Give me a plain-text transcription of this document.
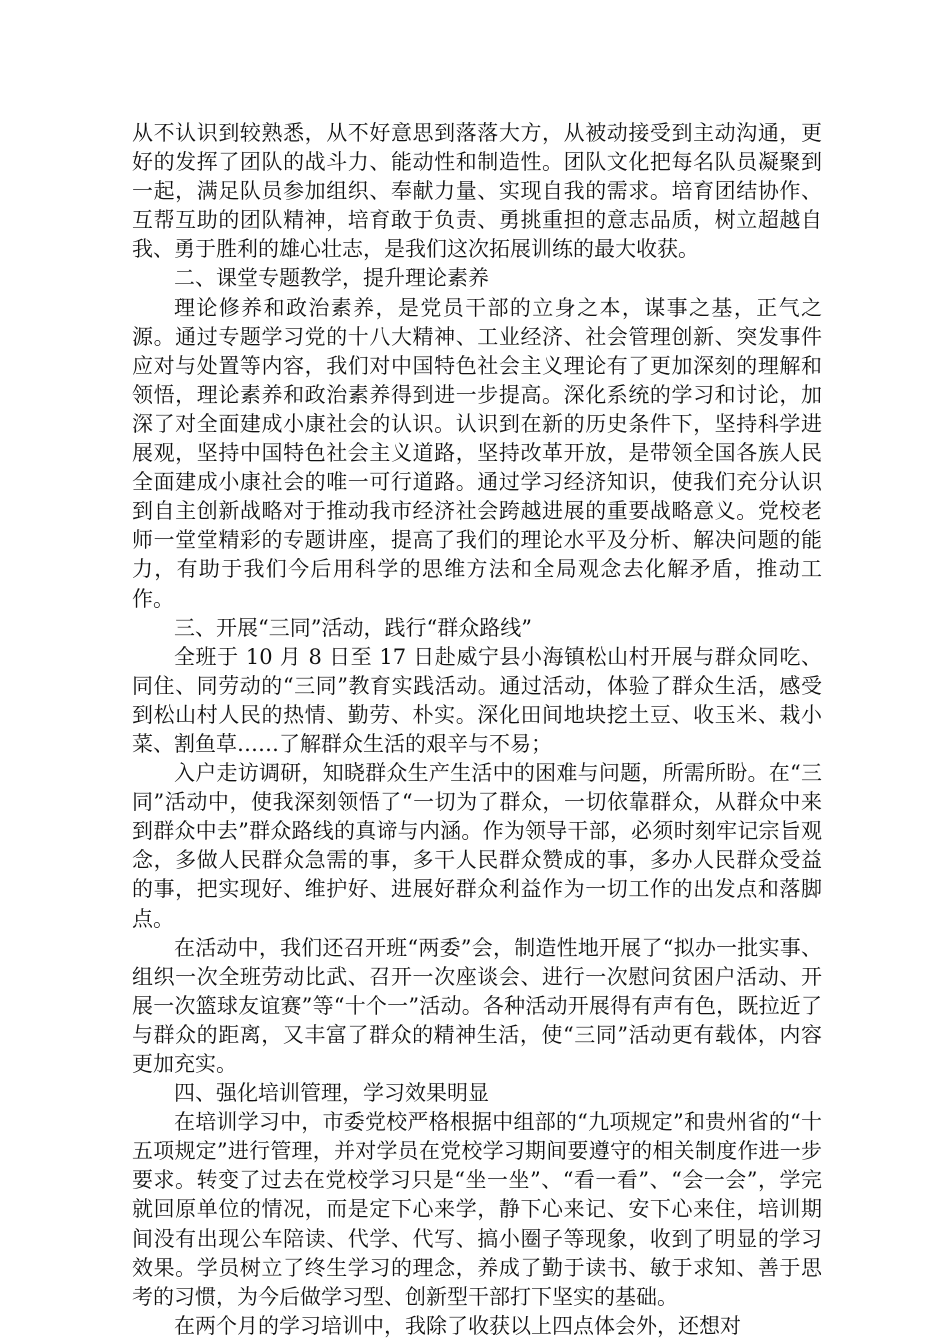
从不认识到较熟悉，从不好意思到落落大方，从被动接受到主动沟通，更好的发挥了团队的战斗力、能动性和制造性。团队文化把每名队员凝聚到一起，满足队员参加组织、奉献力量、实现自我的需求。培育团结协作、互帮互助的团队精神，培育敢于负责、勇挑重担的意志品质，树立超越自我、勇于胜利的雄心壮志，是我们这次拓展训练的最大收获。

二、课堂专题教学，提升理论素养

理论修养和政治素养，是党员干部的立身之本，谋事之基，正气之源。通过专题学习党的十八大精神、工业经济、社会管理创新、突发事件应对与处置等内容，我们对中国特色社会主义理论有了更加深刻的理解和领悟，理论素养和政治素养得到进一步提高。深化系统的学习和讨论，加深了对全面建成小康社会的认识。认识到在新的历史条件下，坚持科学进展观，坚持中国特色社会主义道路，坚持改革开放，是带领全国各族人民全面建成小康社会的唯一可行道路。通过学习经济知识，使我们充分认识到自主创新战略对于推动我市经济社会跨越进展的重要战略意义。党校老师一堂堂精彩的专题讲座，提高了我们的理论水平及分析、解决问题的能力，有助于我们今后用科学的思维方法和全局观念去化解矛盾，推动工作。

三、开展“三同”活动，践行“群众路线”

全班于 10 月 8 日至 17 日赴威宁县小海镇松山村开展与群众同吃、同住、同劳动的“三同”教育实践活动。通过活动，体验了群众生活，感受到松山村人民的热情、勤劳、朴实。深化田间地块挖土豆、收玉米、栽小菜、割鱼草……了解群众生活的艰辛与不易；

入户走访调研，知晓群众生产生活中的困难与问题，所需所盼。在“三同”活动中，使我深刻领悟了“一切为了群众，一切依靠群众，从群众中来到群众中去”群众路线的真谛与内涵。作为领导干部，必须时刻牢记宗旨观念，多做人民群众急需的事，多干人民群众赞成的事，多办人民群众受益的事，把实现好、维护好、进展好群众利益作为一切工作的出发点和落脚点。

在活动中，我们还召开班“两委”会，制造性地开展了“拟办一批实事、组织一次全班劳动比武、召开一次座谈会、进行一次慰问贫困户活动、开展一次篮球友谊赛”等“十个一”活动。各种活动开展得有声有色，既拉近了与群众的距离，又丰富了群众的精神生活，使“三同”活动更有载体，内容更加充实。

四、强化培训管理，学习效果明显

在培训学习中，市委党校严格根据中组部的“九项规定”和贵州省的“十五项规定”进行管理，并对学员在党校学习期间要遵守的相关制度作进一步要求。转变了过去在党校学习只是“坐一坐”、“看一看”、“会一会”，学完就回原单位的情况，而是定下心来学，静下心来记、安下心来住，培训期间没有出现公车陪读、代学、代写、搞小圈子等现象，收到了明显的学习效果。学员树立了终生学习的理念，养成了勤于读书、敏于求知、善于思考的习惯，为今后做学习型、创新型干部打下坚实的基础。

在两个月的学习培训中，我除了收获以上四点体会外，还想对
